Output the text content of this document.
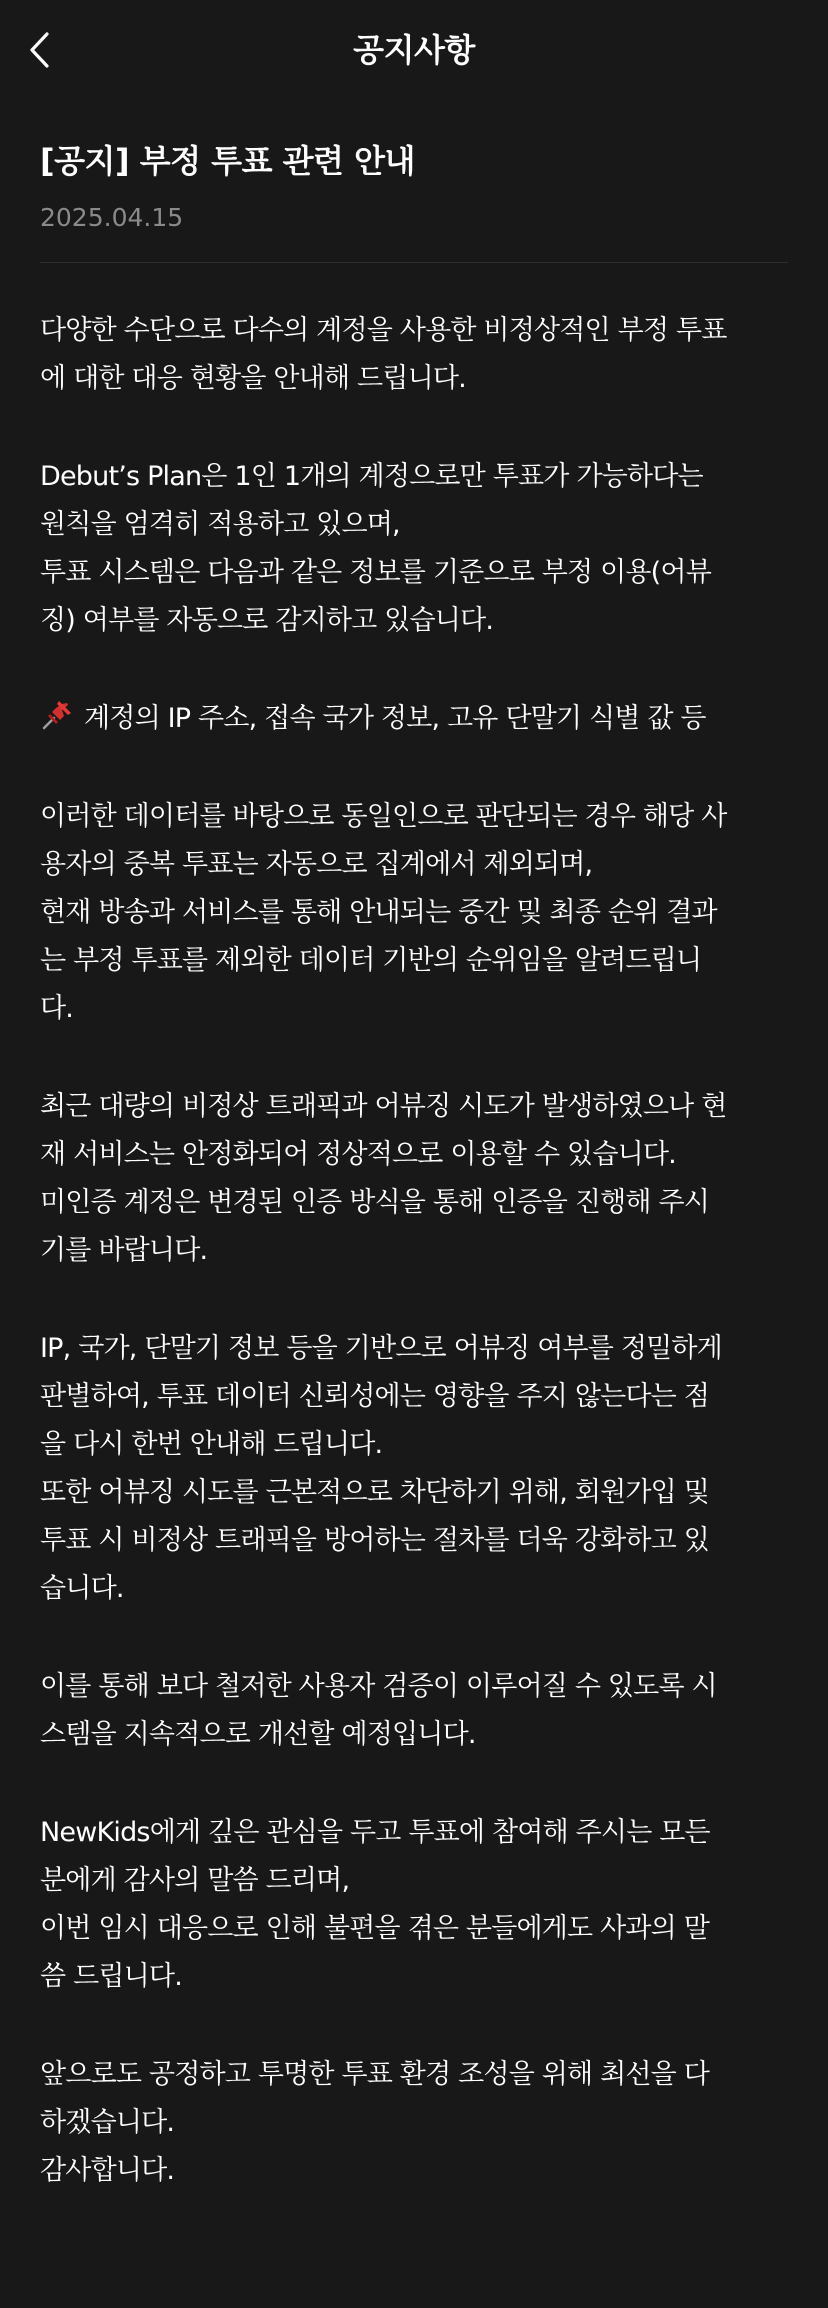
공지사항
[공지] 부정 투표 관련 안내
2025.04.15
다양한 수단으로 다수의 계정을 사용한 비정상적인 부정 투표
에 대한 대응 현황을 안내해 드립니다.
Debut’s Plan은 1인 1개의 계정으로만 투표가 가능하다는
원칙을 엄격히 적용하고 있으며,
투표 시스템은 다음과 같은 정보를 기준으로 부정 이용(어뷰
징) 여부를 자동으로 감지하고 있습니다.
계정의 IP 주소, 접속 국가 정보, 고유 단말기 식별 값 등
이러한 데이터를 바탕으로 동일인으로 판단되는 경우 해당 사
용자의 중복 투표는 자동으로 집계에서 제외되며,
현재 방송과 서비스를 통해 안내되는 중간 및 최종 순위 결과
는 부정 투표를 제외한 데이터 기반의 순위임을 알려드립니
다.
최근 대량의 비정상 트래픽과 어뷰징 시도가 발생하였으나 현
재 서비스는 안정화되어 정상적으로 이용할 수 있습니다.
미인증 계정은 변경된 인증 방식을 통해 인증을 진행해 주시
기를 바랍니다.
IP, 국가, 단말기 정보 등을 기반으로 어뷰징 여부를 정밀하게
판별하여, 투표 데이터 신뢰성에는 영향을 주지 않는다는 점
을 다시 한번 안내해 드립니다.
또한 어뷰징 시도를 근본적으로 차단하기 위해, 회원가입 및
투표 시 비정상 트래픽을 방어하는 절차를 더욱 강화하고 있
습니다.
이를 통해 보다 철저한 사용자 검증이 이루어질 수 있도록 시
스템을 지속적으로 개선할 예정입니다.
NewKids에게 깊은 관심을 두고 투표에 참여해 주시는 모든
분에게 감사의 말씀 드리며,
이번 임시 대응으로 인해 불편을 겪은 분들에게도 사과의 말
씀 드립니다.
앞으로도 공정하고 투명한 투표 환경 조성을 위해 최선을 다
하겠습니다.
감사합니다.
